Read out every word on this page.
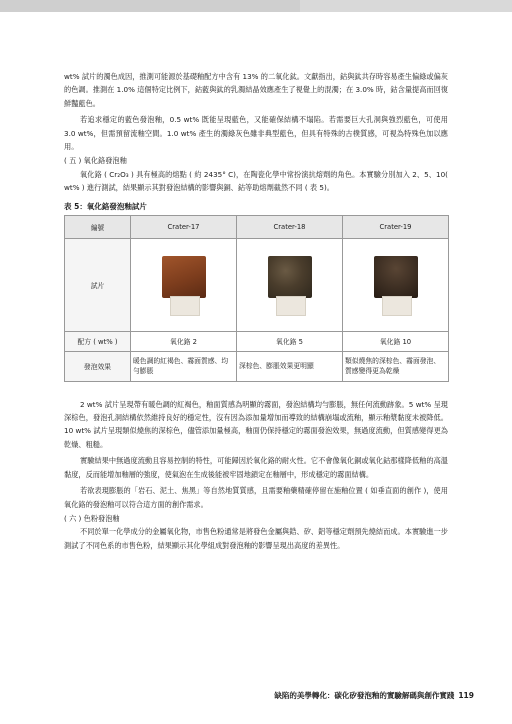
wt% 試片的濁色成因，推測可能源於基礎釉配方中含有 13% 的二氧化鈦。文獻指出，鈷與鈦共存時容易產生偏綠或偏灰的色調。推測在 1.0% 這個特定比例下，鈷藍與鈦的乳濁結晶效應產生了視覺上的混濁；在 3.0% 時，鈷含量提高而回復鮮豔藍色。

若追求穩定的藍色發泡釉，0.5 wt% 既能呈現藍色，又能確保結構不塌陷。若需要巨大孔洞與強烈藍色，可使用 3.0 wt%，但需預留流釉空間。1.0 wt% 產生的濁綠灰色雖非典型藍色，但具有特殊的古樸質感，可視為特殊色加以應用。

( 五 ) 氧化鉻發泡釉

氧化鉻 ( Cr₂O₃ ) 具有極高的熔點 ( 約 2435° C)，在陶瓷化學中常扮演抗熔劑的角色。本實驗分別加入 2、5、10( wt% ) 進行測試，結果顯示其對發泡結構的影響與銅、鈷等助熔劑截然不同 ( 表 5)。

表 5：氧化鉻發泡釉試片
編號	Crater-17	Crater-18	Crater-19
試片	

配方 ( wt% )	氧化鉻 2	氧化鉻 5	氧化鉻 10
發泡效果	暖色調的紅褐色、霧面質感、均勻膨脹	深棕色、膨脹效果更明顯	類似燒焦的深棕色、霧面發泡、質感變得更為乾燥

2 wt% 試片呈現帶有暖色調的紅褐色，釉面質感為明顯的霧面，發泡結構均勻膨脹，無任何流動跡象。5 wt% 呈現深棕色，發泡孔洞結構依然維持良好的穩定性，沒有因為添加量增加而導致的結構崩塌或流釉，顯示釉漿黏度未被降低。10 wt% 試片呈現類似燒焦的深棕色，儘管添加量極高，釉面仍保持穩定的霧面發泡效果，無過度流動，但質感變得更為乾燥、粗糙。

實驗結果中無過度流動且容易控制的特性，可能歸因於氧化鉻的耐火性。它不會像氧化銅或氧化鈷那樣降低釉的高溫黏度，反而能增加釉層的強度，使氣泡在生成後能被牢固地鎖定在釉層中，形成穩定的霧面結構。

若欲表現膨脹的「岩石、泥土、焦黑」等自然地質質感，且需要釉藥精確停留在施釉位置 ( 如垂直面的創作 )，使用氧化鉻的發泡釉可以符合這方面的創作需求。

( 六 ) 色粉發泡釉

不同於單一化學成分的金屬氧化物，市售色粉通常是將發色金屬與鋯、矽、鋁等穩定劑預先燒結而成。本實驗進一步測試了不同色系的市售色粉，結果顯示其化學組成對發泡釉的影響呈現出高度的差異性。

缺陷的美學轉化：碳化矽發泡釉的實驗解碼與創作實踐 119
